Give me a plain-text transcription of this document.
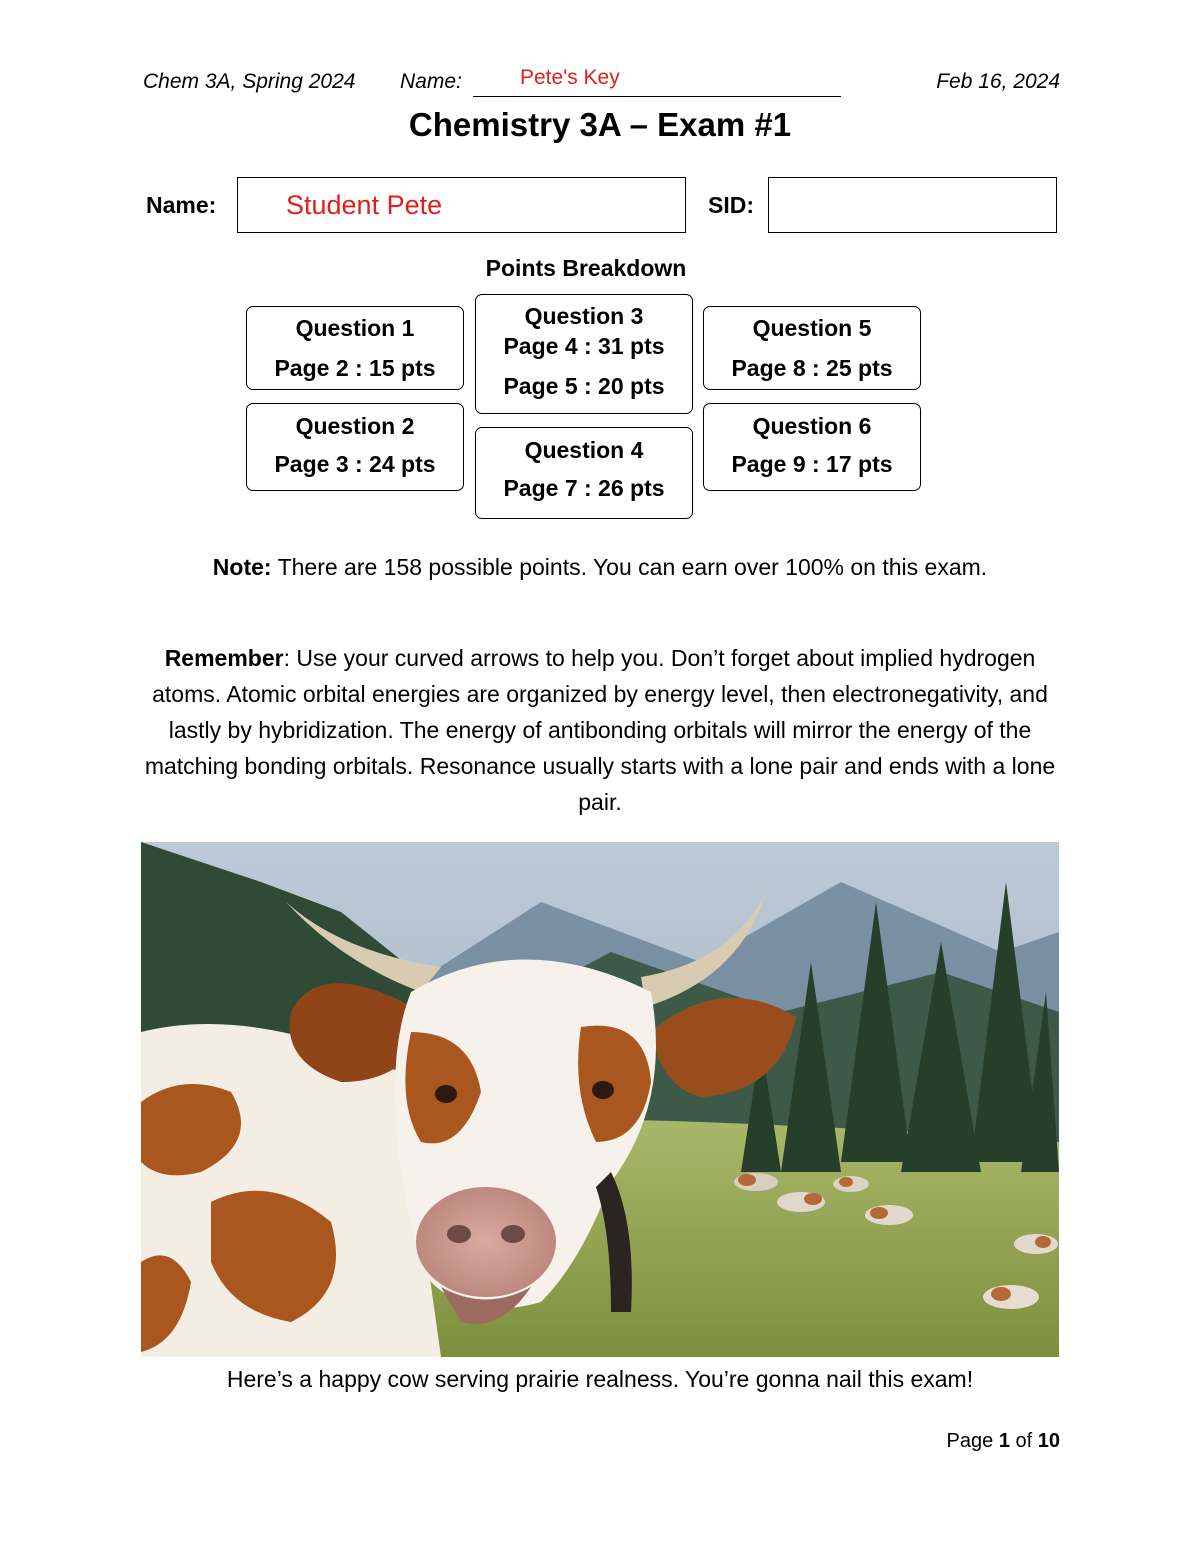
Chem 3A, Spring 2024 Name:	Pete's Key	Feb 16, 2024
Chemistry 3A – Exam #1
Name:	Student Pete	SID:
Points Breakdown
Question 1
Page 2 : 15 pts
Question 2
Page 3 : 24 pts
Question 3
Page 4 : 31 pts
Page 5 : 20 pts
Question 4
Page 7 : 26 pts
Question 5
Page 8 : 25 pts
Question 6
Page 9 : 17 pts
Note: There are 158 possible points. You can earn over 100% on this exam.
Remember: Use your curved arrows to help you. Don’t forget about implied hydrogen atoms. Atomic orbital energies are organized by energy level, then electronegativity, and lastly by hybridization. The energy of antibonding orbitals will mirror the energy of the matching bonding orbitals. Resonance usually starts with a lone pair and ends with a lone pair.
Here’s a happy cow serving prairie realness. You’re gonna nail this exam!
Page 1 of 10
